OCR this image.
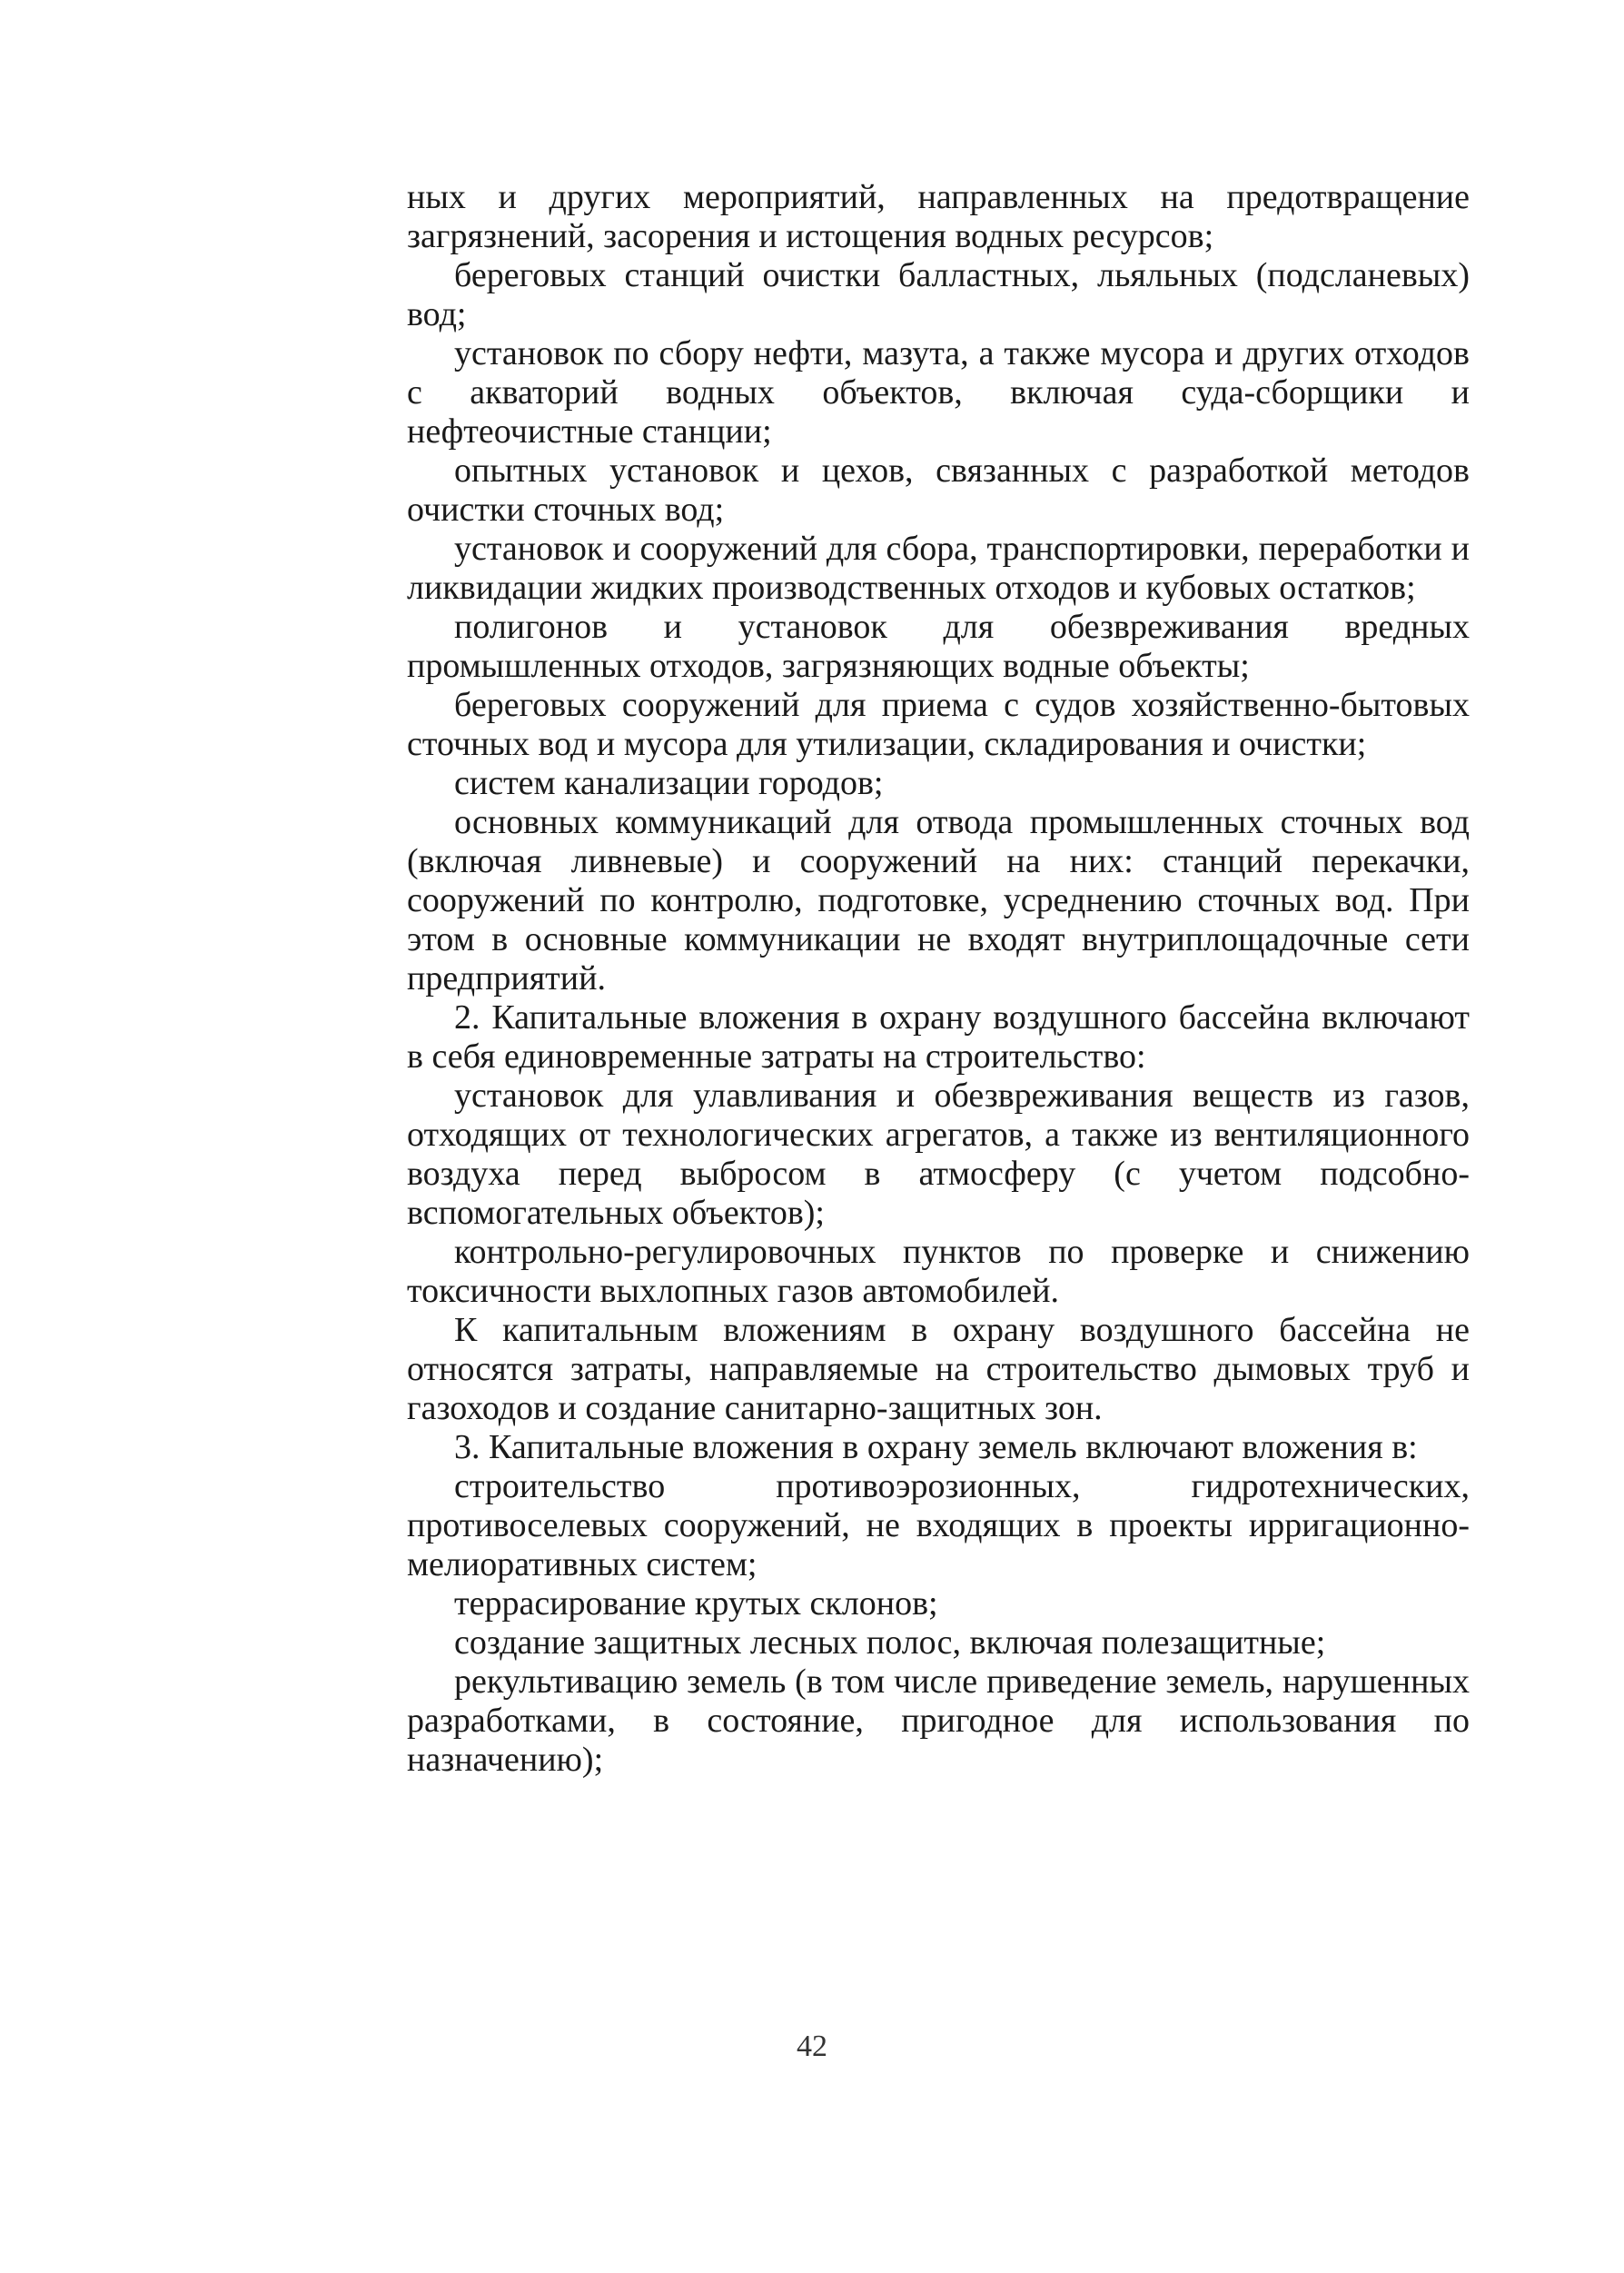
ных и других мероприятий, направленных на предотвращение загрязнений, засорения и истощения водных ресурсов;

береговых станций очистки балластных, льяльных (подсланевых) вод;

установок по сбору нефти, мазута, а также мусора и других отходов с акваторий водных объектов, включая суда-сборщики и нефтеочистные станции;

опытных установок и цехов, связанных с разработкой методов очистки сточных вод;

установок и сооружений для сбора, транспортировки, переработки и ликвидации жидких производственных отходов и кубовых остатков;

полигонов и установок для обезвреживания вредных промышленных отходов, загрязняющих водные объекты;

береговых сооружений для приема с судов хозяйственно-бытовых сточных вод и мусора для утилизации, складирования и очистки;

систем канализации городов;

основных коммуникаций для отвода промышленных сточных вод (включая ливневые) и сооружений на них: станций перекачки, сооружений по контролю, подготовке, усреднению сточных вод. При этом в основные коммуникации не входят внутриплощадочные сети предприятий.

2. Капитальные вложения в охрану воздушного бассейна включают в себя единовременные затраты на строительство:

установок для улавливания и обезвреживания веществ из газов, отходящих от технологических агрегатов, а также из вентиляционного воздуха перед выбросом в атмосферу (с учетом подсобно-вспомогательных объектов);

контрольно-регулировочных пунктов по проверке и снижению токсичности выхлопных газов автомобилей.

К капитальным вложениям в охрану воздушного бассейна не относятся затраты, направляемые на строительство дымовых труб и газоходов и создание санитарно-защитных зон.

3. Капитальные вложения в охрану земель включают вложения в:

строительство противоэрозионных, гидротехнических, противоселевых сооружений, не входящих в проекты ирригационно-мелиоративных систем;

террасирование крутых склонов;

создание защитных лесных полос, включая полезащитные;

рекультивацию земель (в том числе приведение земель, нарушенных разработками, в состояние, пригодное для использования по назначению);

42
